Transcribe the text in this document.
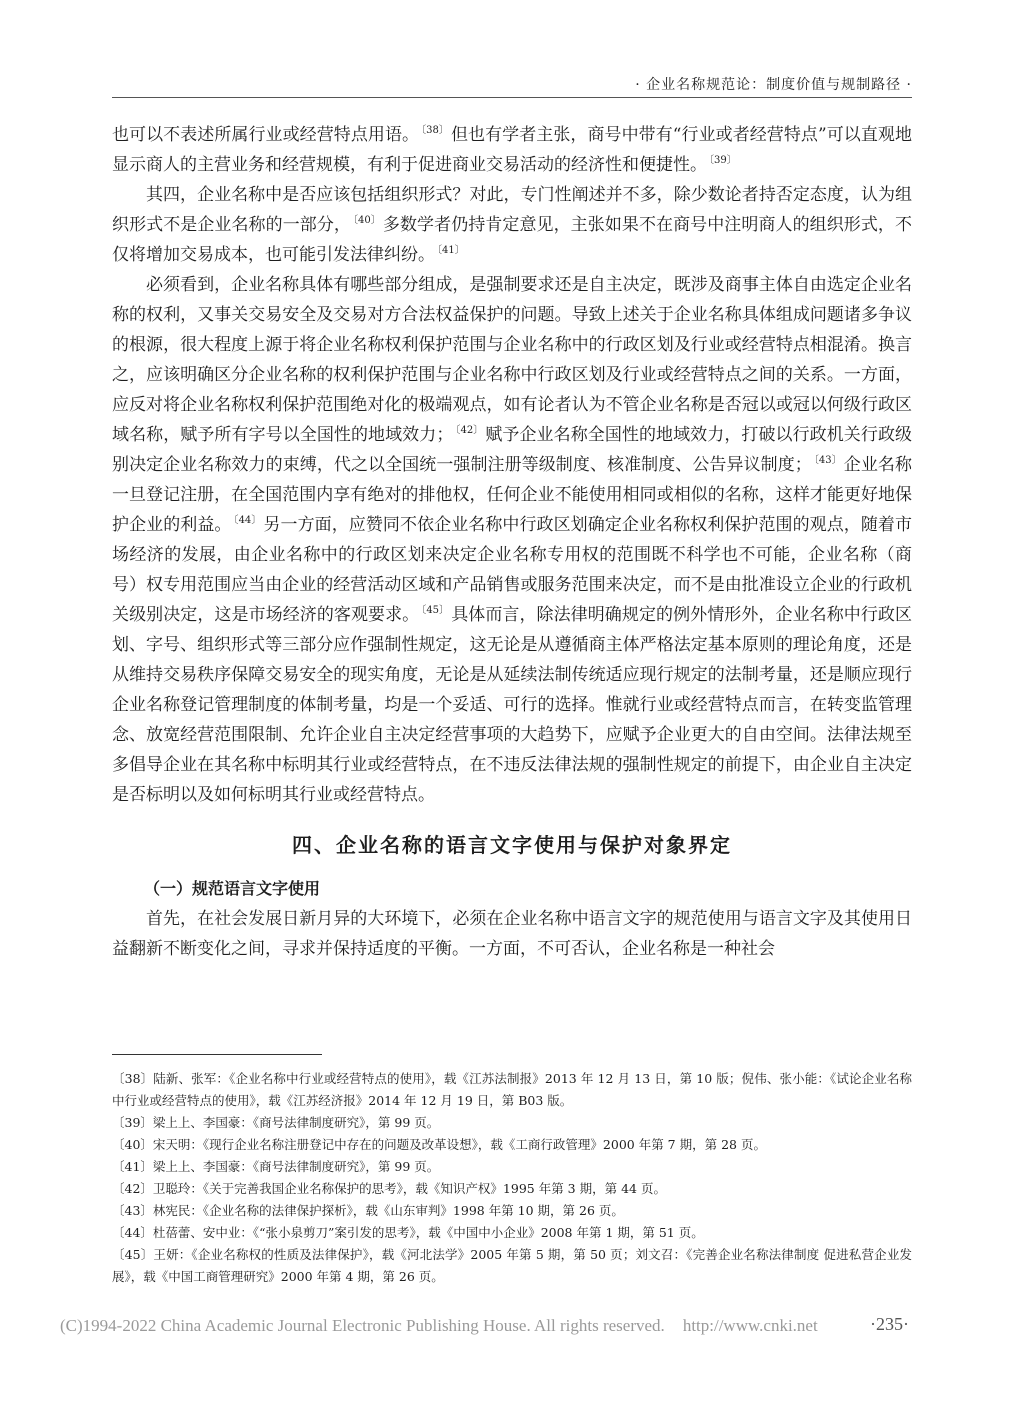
· 企业名称规范论：制度价值与规制路径 ·

也可以不表述所属行业或经营特点用语。 $^{〔38〕}$ 但也有学者主张，商号中带有“行业或者经营特点”可以直观地显示商人的主营业务和经营规模，有利于促进商业交易活动的经济性和便捷性。 $^{〔39〕}$

其四，企业名称中是否应该包括组织形式？对此，专门性阐述并不多，除少数论者持否定态度，认为组织形式不是企业名称的一部分， $^{〔40〕}$ 多数学者仍持肯定意见，主张如果不在商号中注明商人的组织形式，不仅将增加交易成本，也可能引发法律纠纷。 $^{〔41〕}$

必须看到，企业名称具体有哪些部分组成，是强制要求还是自主决定，既涉及商事主体自由选定企业名称的权利，又事关交易安全及交易对方合法权益保护的问题。导致上述关于企业名称具体组成问题诸多争议的根源，很大程度上源于将企业名称权利保护范围与企业名称中的行政区划及行业或经营特点相混淆。换言之，应该明确区分企业名称的权利保护范围与企业名称中行政区划及行业或经营特点之间的关系。一方面，应反对将企业名称权利保护范围绝对化的极端观点，如有论者认为不管企业名称是否冠以或冠以何级行政区域名称，赋予所有字号以全国性的地域效力； $^{〔42〕}$ 赋予企业名称全国性的地域效力，打破以行政机关行政级别决定企业名称效力的束缚，代之以全国统一强制注册等级制度、核准制度、公告异议制度； $^{〔43〕}$ 企业名称一旦登记注册，在全国范围内享有绝对的排他权，任何企业不能使用相同或相似的名称，这样才能更好地保护企业的利益。 $^{〔44〕}$ 另一方面，应赞同不依企业名称中行政区划确定企业名称权利保护范围的观点，随着市场经济的发展，由企业名称中的行政区划来决定企业名称专用权的范围既不科学也不可能，企业名称（商号）权专用范围应当由企业的经营活动区域和产品销售或服务范围来决定，而不是由批准设立企业的行政机关级别决定，这是市场经济的客观要求。 $^{〔45〕}$ 具体而言，除法律明确规定的例外情形外，企业名称中行政区划、字号、组织形式等三部分应作强制性规定，这无论是从遵循商主体严格法定基本原则的理论角度，还是从维持交易秩序保障交易安全的现实角度，无论是从延续法制传统适应现行规定的法制考量，还是顺应现行企业名称登记管理制度的体制考量，均是一个妥适、可行的选择。惟就行业或经营特点而言，在转变监管理念、放宽经营范围限制、允许企业自主决定经营事项的大趋势下，应赋予企业更大的自由空间。法律法规至多倡导企业在其名称中标明其行业或经营特点，在不违反法律法规的强制性规定的前提下，由企业自主决定是否标明以及如何标明其行业或经营特点。

四、企业名称的语言文字使用与保护对象界定
（一）规范语言文字使用

首先，在社会发展日新月异的大环境下，必须在企业名称中语言文字的规范使用与语言文字及其使用日益翻新不断变化之间，寻求并保持适度的平衡。一方面，不可否认，企业名称是一种社会

〔38〕陆新、张军：《企业名称中行业或经营特点的使用》，载《江苏法制报》2013 年 12 月 13 日，第 10 版；倪伟、张小能：《试论企业名称中行业或经营特点的使用》，载《江苏经济报》2014 年 12 月 19 日，第 B03 版。

〔39〕梁上上、李国豪：《商号法律制度研究》，第 99 页。

〔40〕宋天明：《现行企业名称注册登记中存在的问题及改革设想》，载《工商行政管理》2000 年第 7 期，第 28 页。

〔41〕梁上上、李国豪：《商号法律制度研究》，第 99 页。

〔42〕卫聪玲：《关于完善我国企业名称保护的思考》，载《知识产权》1995 年第 3 期，第 44 页。

〔43〕林宪民：《企业名称的法律保护探析》，载《山东审判》1998 年第 10 期，第 26 页。

〔44〕杜蓓蕾、安中业：《“张小泉剪刀”案引发的思考》，载《中国中小企业》2008 年第 1 期，第 51 页。

〔45〕王妍：《企业名称权的性质及法律保护》，载《河北法学》2005 年第 5 期，第 50 页；刘文召：《完善企业名称法律制度 促进私营企业发展》，载《中国工商管理研究》2000 年第 4 期，第 26 页。

(C)1994-2022 China Academic Journal Electronic Publishing House. All rights reserved. http://www.cnki.net	·235·
